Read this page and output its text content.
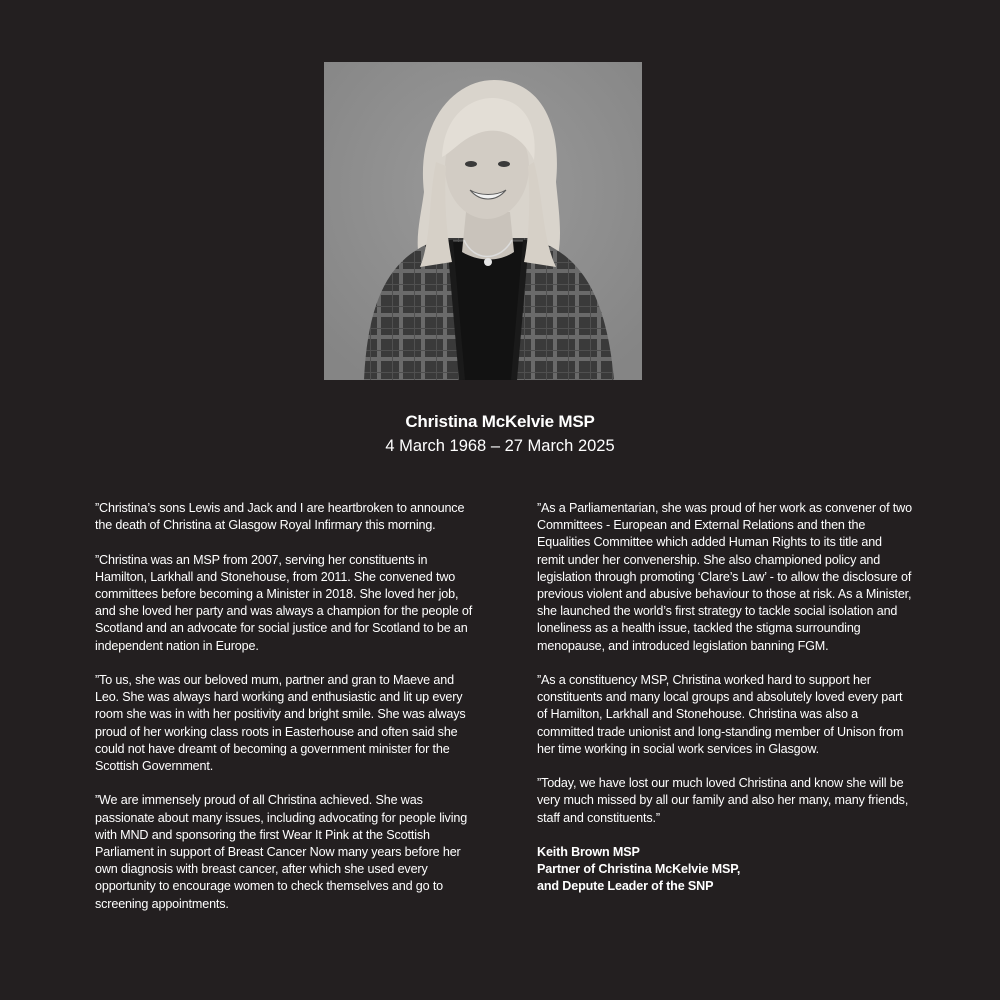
Christina McKelvie MSP
4 March 1968 – 27 March 2025

”Christina’s sons Lewis and Jack and I are heartbroken to announce the death of Christina at Glasgow Royal Infirmary this morning.

”Christina was an MSP from 2007, serving her constituents in Hamilton, Larkhall and Stonehouse, from 2011. She convened two committees before becoming a Minister in 2018. She loved her job, and she loved her party and was always a champion for the people of Scotland and an advocate for social justice and for Scotland to be an independent nation in Europe.

”To us, she was our beloved mum, partner and gran to Maeve and Leo. She was always hard working and enthusiastic and lit up every room she was in with her positivity and bright smile. She was always proud of her working class roots in Easterhouse and often said she could not have dreamt of becoming a government minister for the Scottish Government.

”We are immensely proud of all Christina achieved. She was passionate about many issues, including advocating for people living with MND and sponsoring the first Wear It Pink at the Scottish Parliament in support of Breast Cancer Now many years before her own diagnosis with breast cancer, after which she used every opportunity to encourage women to check themselves and go to screening appointments.

”As a Parliamentarian, she was proud of her work as convener of two Committees - European and External Relations and then the Equalities Committee which added Human Rights to its title and remit under her convenership. She also championed policy and legislation through promoting ‘Clare’s Law’ - to allow the disclosure of previous violent and abusive behaviour to those at risk. As a Minister, she launched the world’s first strategy to tackle social isolation and loneliness as a health issue, tackled the stigma surrounding menopause, and introduced legislation banning FGM.

”As a constituency MSP, Christina worked hard to support her constituents and many local groups and absolutely loved every part of Hamilton, Larkhall and Stonehouse. Christina was also a committed trade unionist and long-standing member of Unison from her time working in social work services in Glasgow.

”Today, we have lost our much loved Christina and know she will be very much missed by all our family and also her many, many friends, staff and constituents.”

Keith Brown MSP
Partner of Christina McKelvie MSP,
and Depute Leader of the SNP
